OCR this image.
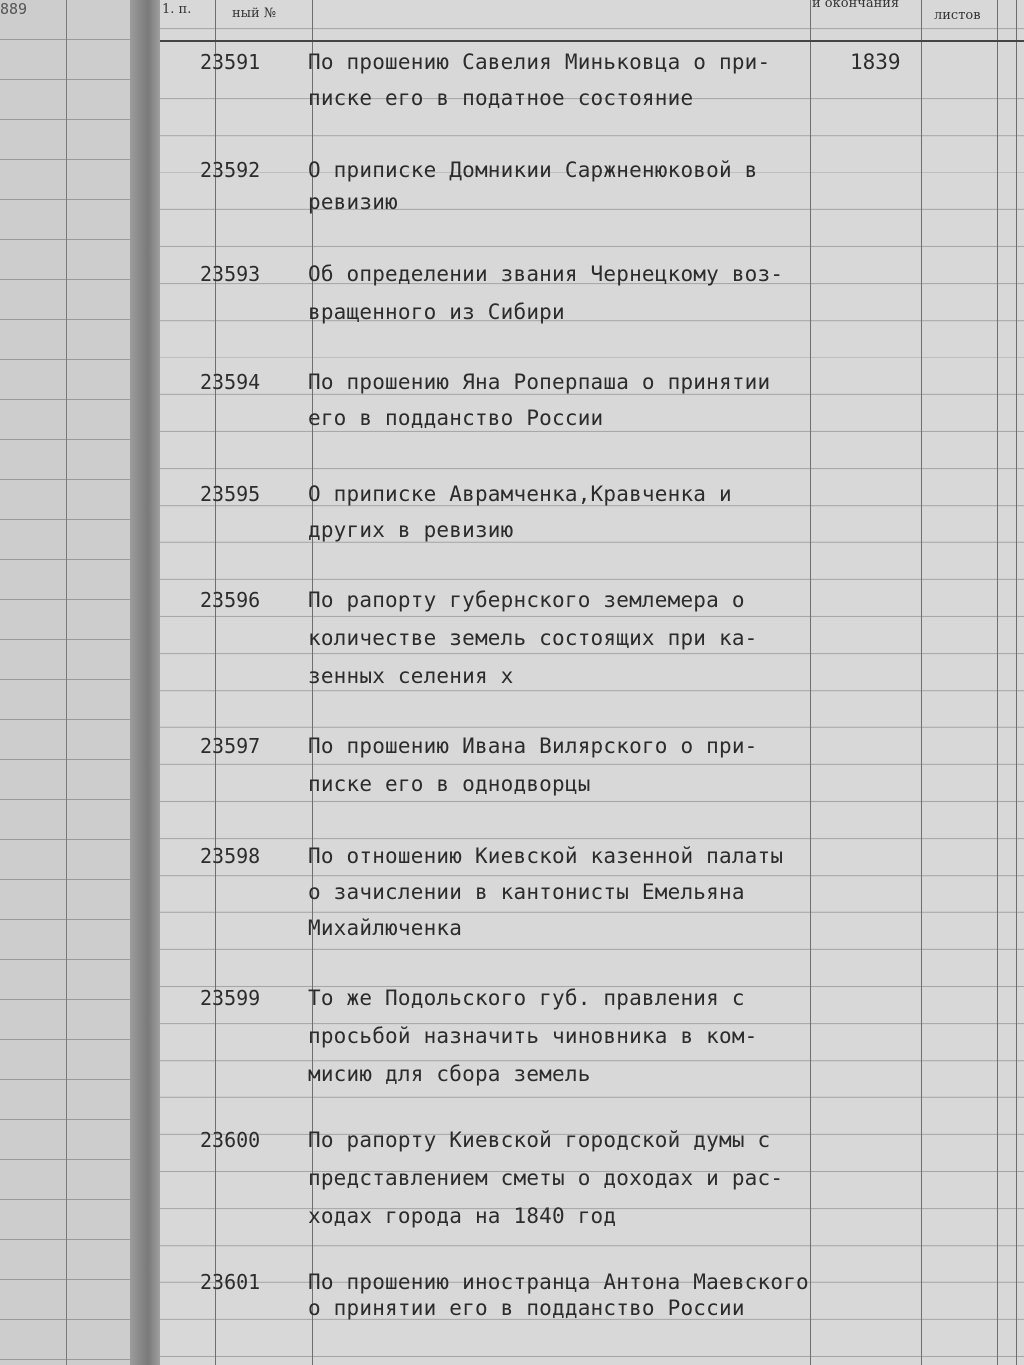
889	1. п.	ный №
и окончания
листов
1839
23591 По прошению Савелия Миньковца о при-
писке его в податное состояние
23592 О приписке Домникии Саржненюковой в
ревизию
23593 Об определении звания Чернецкому воз-
вращенного из Сибири
23594 По прошению Яна Роперпаша о принятии
его в подданство России
23595 О приписке Аврамченка,Кравченка и
других в ревизию
23596 По рапорту губернского землемера о
количестве земель состоящих при ка-
зенных селения х
23597 По прошению Ивана Вилярского о при-
писке его в однодворцы
23598 По отношению Киевской казенной палаты
о зачислении в кантонисты Емельяна
Михайлюченка
23599 То же Подольского губ. правления с
просьбой назначить чиновника в ком-
мисию для сбора земель
23600 По рапорту Киевской городской думы с
представлением сметы о доходах и рас-
ходах города на 1840 год
23601 По прошению иностранца Антона Маевского
о принятии его в подданство России
